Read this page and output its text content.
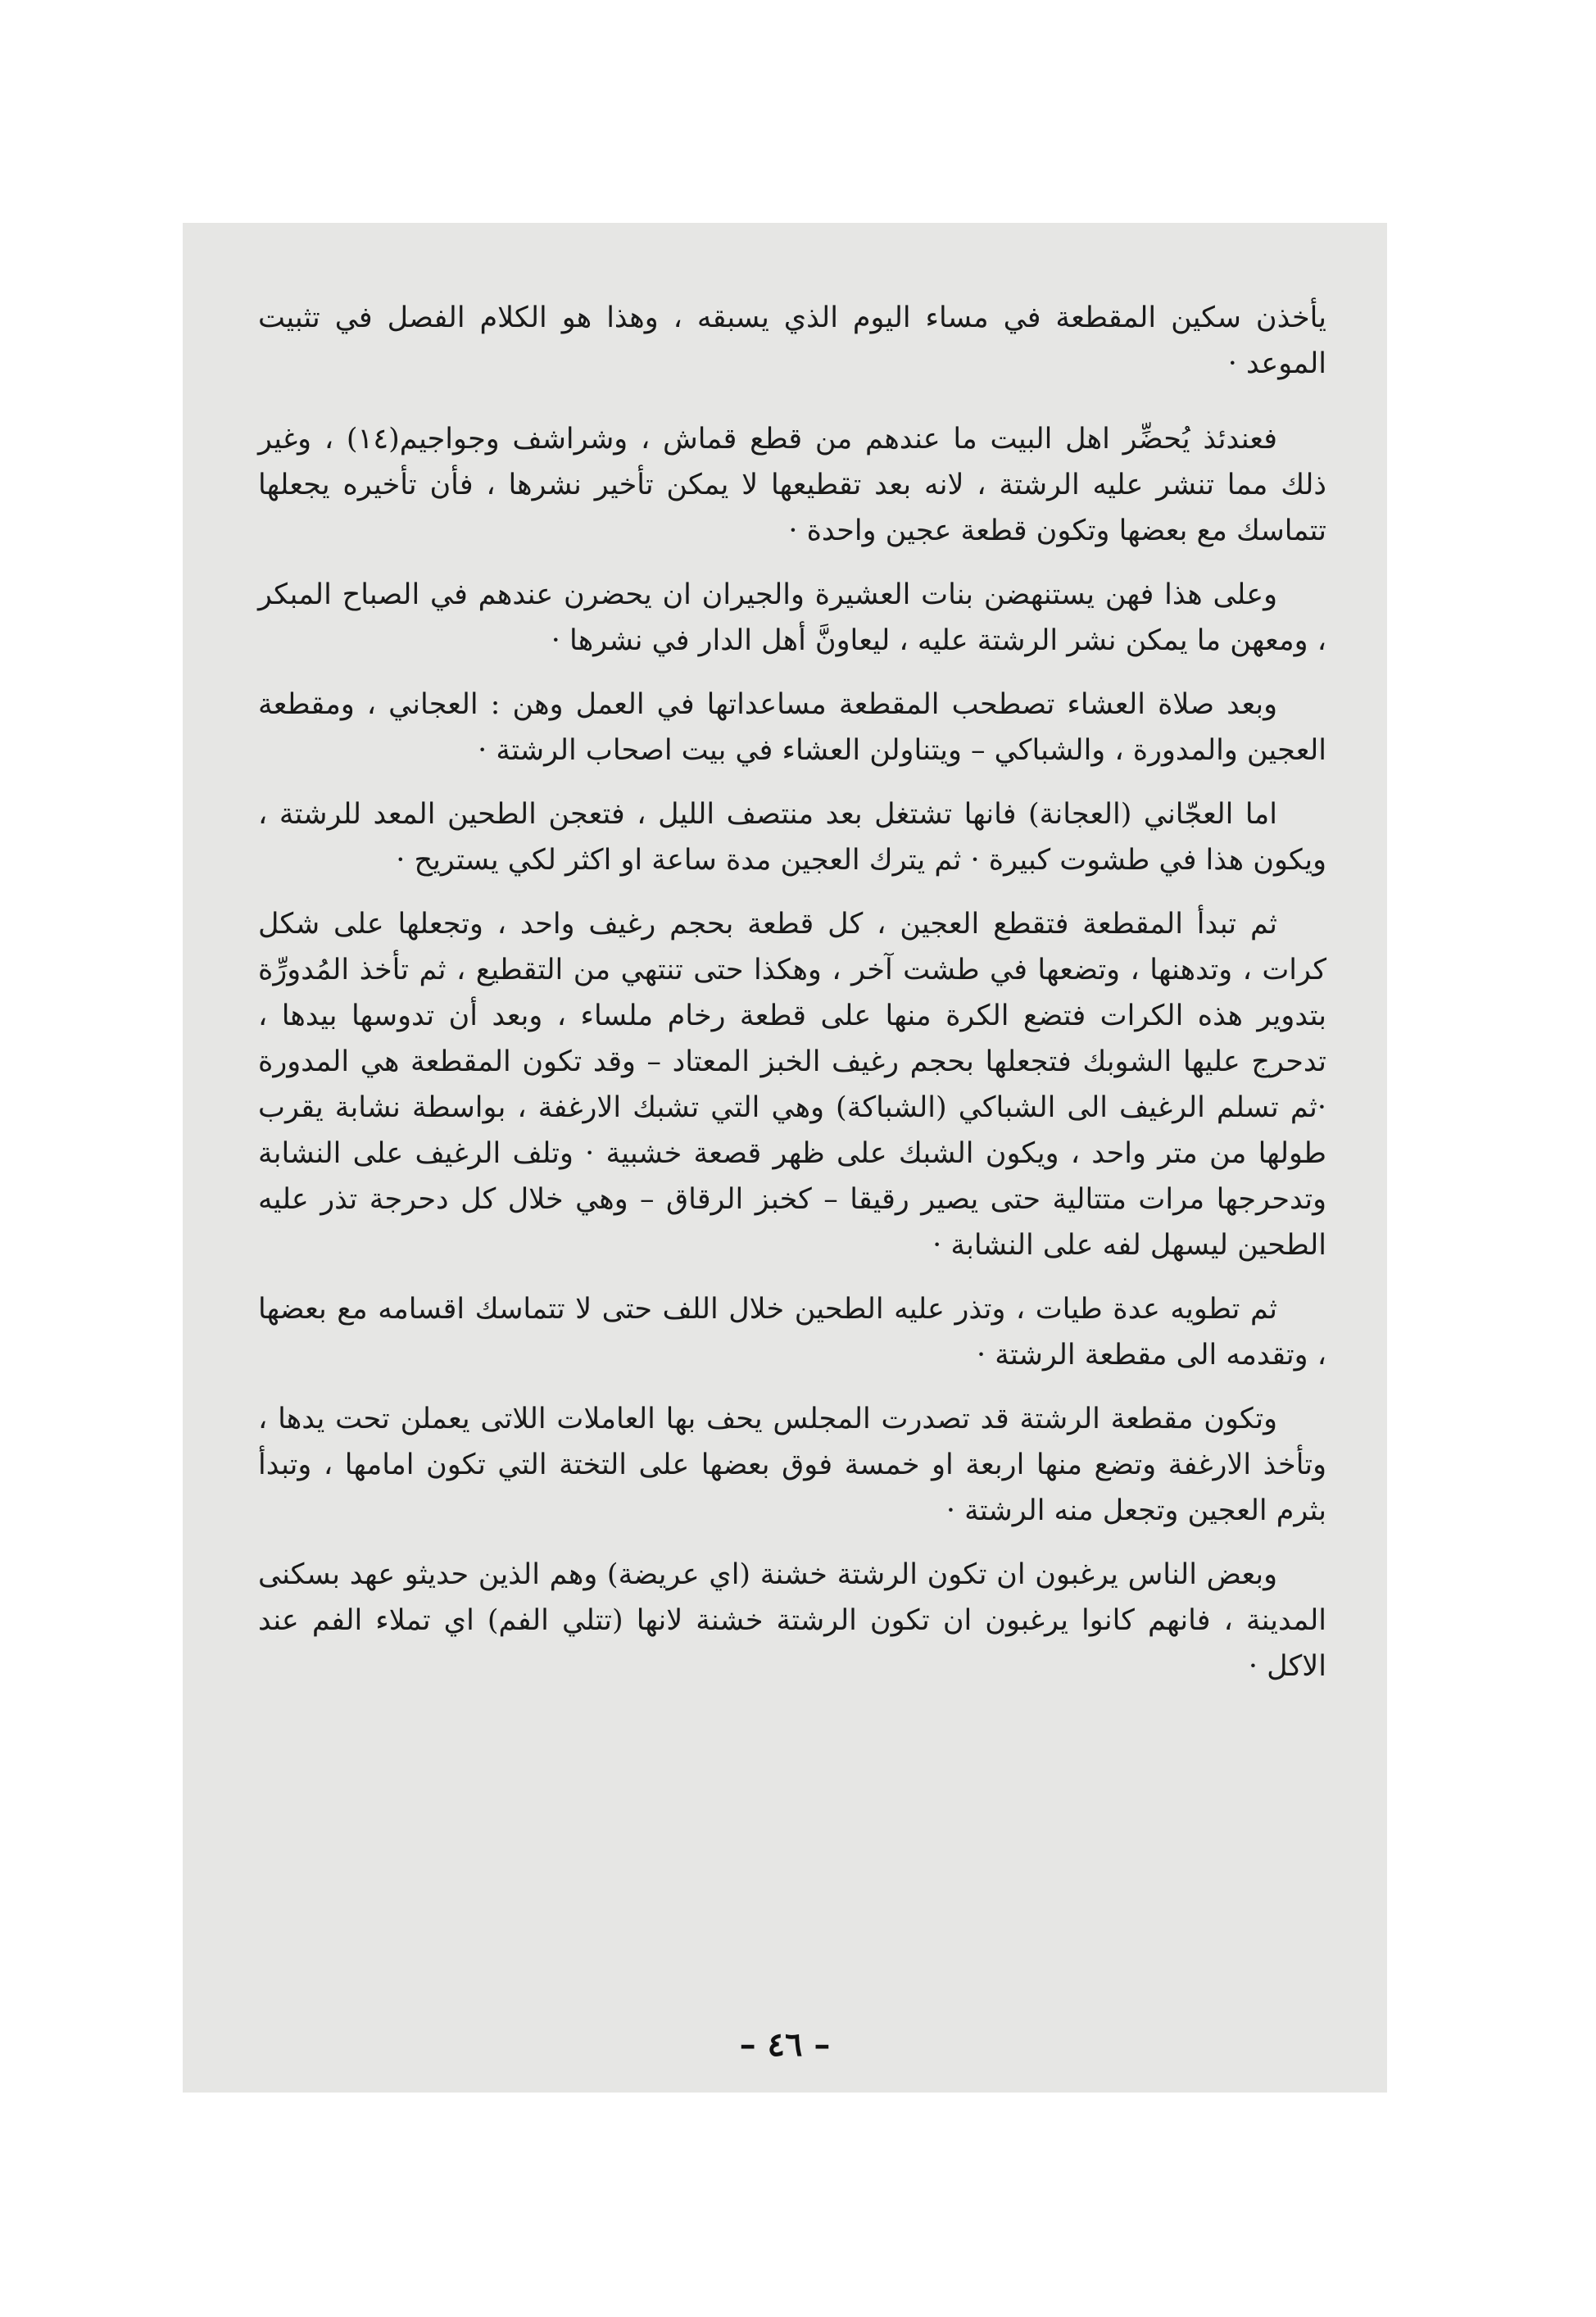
يأخذن سكين المقطعة في مساء اليوم الذي يسبقه ، وهذا هو الكلام الفصل في تثبيت الموعد ·

فعندئذ يُحضِّر اهل البيت ما عندهم من قطع قماش ، وشراشف وجواجيم(١٤) ، وغير ذلك مما تنشر عليه الرشتة ، لانه بعد تقطيعها لا يمكن تأخير نشرها ، فأن تأخيره يجعلها تتماسك مع بعضها وتكون قطعة عجين واحدة ·

وعلى هذا فهن يستنهضن بنات العشيرة والجيران ان يحضرن عندهم في الصباح المبكر ، ومعهن ما يمكن نشر الرشتة عليه ، ليعاونَّ أهل الدار في نشرها ·

وبعد صلاة العشاء تصطحب المقطعة مساعداتها في العمل وهن : العجاني ، ومقطعة العجين والمدورة ، والشباكي – ويتناولن العشاء في بيت اصحاب الرشتة ·

اما العجّاني (العجانة) فانها تشتغل بعد منتصف الليل ، فتعجن الطحين المعد للرشتة ، ويكون هذا في طشوت كبيرة · ثم يترك العجين مدة ساعة او اكثر لكي يستريح ·

ثم تبدأ المقطعة فتقطع العجين ، كل قطعة بحجم رغيف واحد ، وتجعلها على شكل كرات ، وتدهنها ، وتضعها في طشت آخر ، وهكذا حتى تنتهي من التقطيع ، ثم تأخذ المُدورِّة بتدوير هذه الكرات فتضع الكرة منها على قطعة رخام ملساء ، وبعد أن تدوسها بيدها ، تدحرج عليها الشوبك فتجعلها بحجم رغيف الخبز المعتاد – وقد تكون المقطعة هي المدورة ·ثم تسلم الرغيف الى الشباكي (الشباكة) وهي التي تشبك الارغفة ، بواسطة نشابة يقرب طولها من متر واحد ، ويكون الشبك على ظهر قصعة خشبية · وتلف الرغيف على النشابة وتدحرجها مرات متتالية حتى يصير رقيقا – كخبز الرقاق – وهي خلال كل دحرجة تذر عليه الطحين ليسهل لفه على النشابة ·

ثم تطويه عدة طيات ، وتذر عليه الطحين خلال اللف حتى لا تتماسك اقسامه مع بعضها ، وتقدمه الى مقطعة الرشتة ·

وتكون مقطعة الرشتة قد تصدرت المجلس يحف بها العاملات اللاتى يعملن تحت يدها ، وتأخذ الارغفة وتضع منها اربعة او خمسة فوق بعضها على التختة التي تكون امامها ، وتبدأ بثرم العجين وتجعل منه الرشتة ·

وبعض الناس يرغبون ان تكون الرشتة خشنة (اي عريضة) وهم الذين حديثو عهد بسكنى المدينة ، فانهم كانوا يرغبون ان تكون الرشتة خشنة لانها (تتلي الفم) اي تملاء الفم عند الاكل ·

– ٤٦ –
